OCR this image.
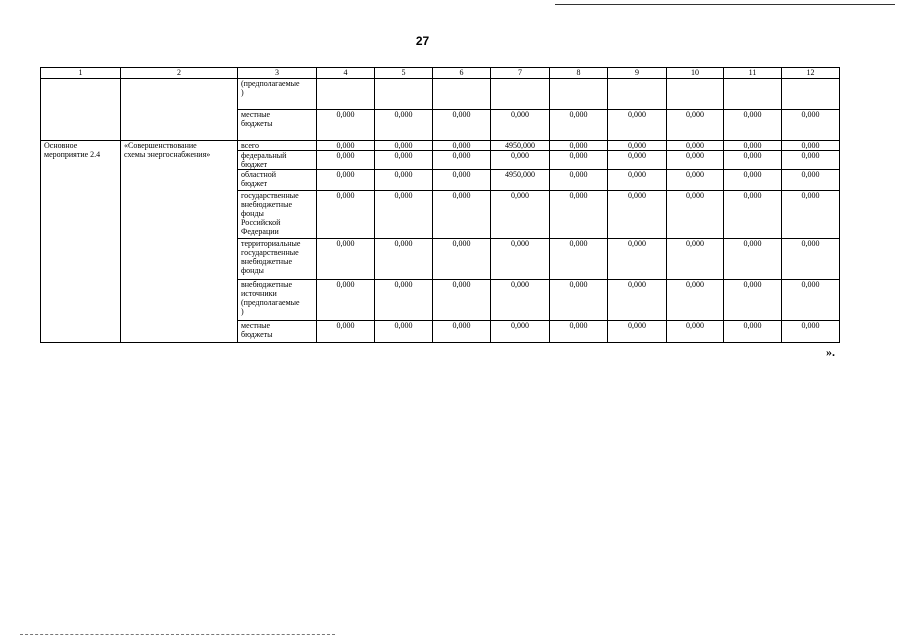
27
1	2	3	4	5	6	7	8	9	10	11	12
		(предполагаемые
)									
		местные
бюджеты	0,000	0,000	0,000	0,000	0,000	0,000	0,000	0,000	0,000
Основное
мероприятие 2.4	«Совершенствование
схемы энергоснабжения»	всего	0,000	0,000	0,000	4950,000	0,000	0,000	0,000	0,000	0,000
		федеральный
бюджет	0,000	0,000	0,000	0,000	0,000	0,000	0,000	0,000	0,000
		областной
бюджет	0,000	0,000	0,000	4950,000	0,000	0,000	0,000	0,000	0,000
		государственные
внебюджетные
фонды
Российской
Федерации	0,000	0,000	0,000	0,000	0,000	0,000	0,000	0,000	0,000
		территориальные
государственные
внебюджетные
фонды	0,000	0,000	0,000	0,000	0,000	0,000	0,000	0,000	0,000
		внебюджетные
источники
(предполагаемые
)	0,000	0,000	0,000	0,000	0,000	0,000	0,000	0,000	0,000
		местные
бюджеты	0,000	0,000	0,000	0,000	0,000	0,000	0,000	0,000	0,000
».
